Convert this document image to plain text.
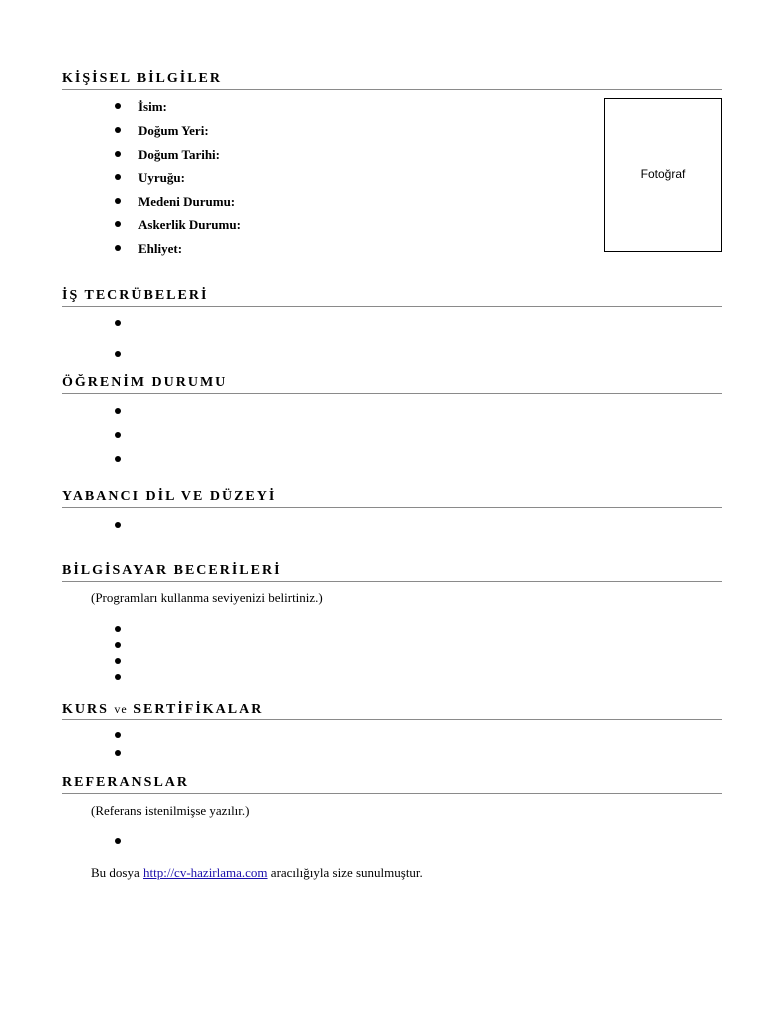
KİŞİSEL BİLGİLER
İsim:
Doğum Yeri:
Doğum Tarihi:
Uyruğu:
Medeni Durumu:
Askerlik Durumu:
Ehliyet:
Fotoğraf
İŞ TECRÜBELERİ
ÖĞRENİM DURUMU
YABANCI DİL VE DÜZEYİ
BİLGİSAYAR BECERİLERİ
(Programları kullanma seviyenizi belirtiniz.)
KURS ve SERTİFİKALAR
REFERANSLAR
(Referans istenilmişse yazılır.)
Bu dosya http://cv-hazirlama.com aracılığıyla size sunulmuştur.
